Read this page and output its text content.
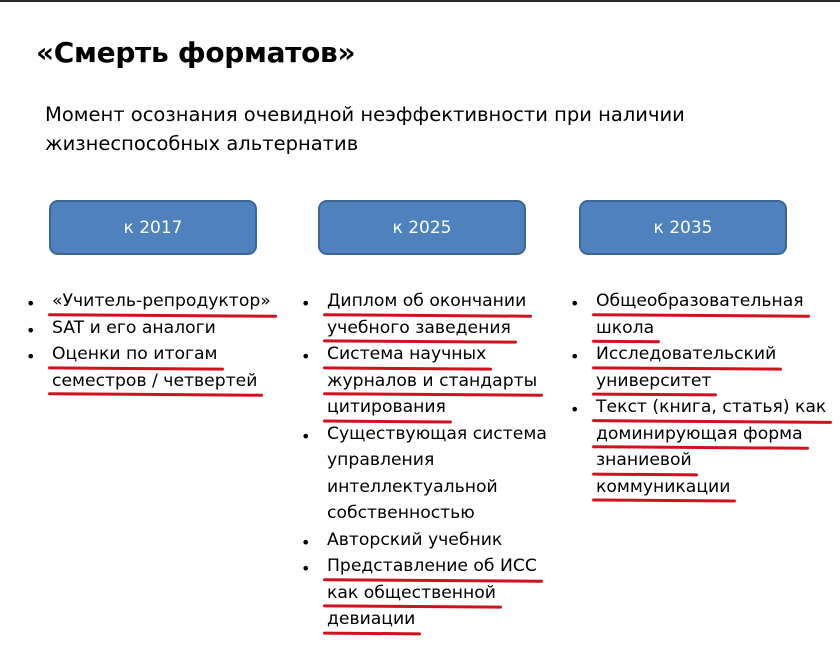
«Смерть форматов»
Момент осознания очевидной неэффективности при наличии жизнеспособных альтернатив
к 2017	к 2025	к 2035
• «Учитель-репродуктор»
• SAT и его аналоги
• Оценки по итогам
семестров / четвертей
• Диплом об окончании
учебного заведения
• Система научных
журналов и стандарты
цитирования
• Существующая система
управления
интеллектуальной
собственностью
• Авторский учебник
• Представление об ИСС
как общественной
девиации
• Общеобразовательная
школа
• Исследовательский
университет
• Текст (книга, статья) как
доминирующая форма
знаниевой
коммуникации
